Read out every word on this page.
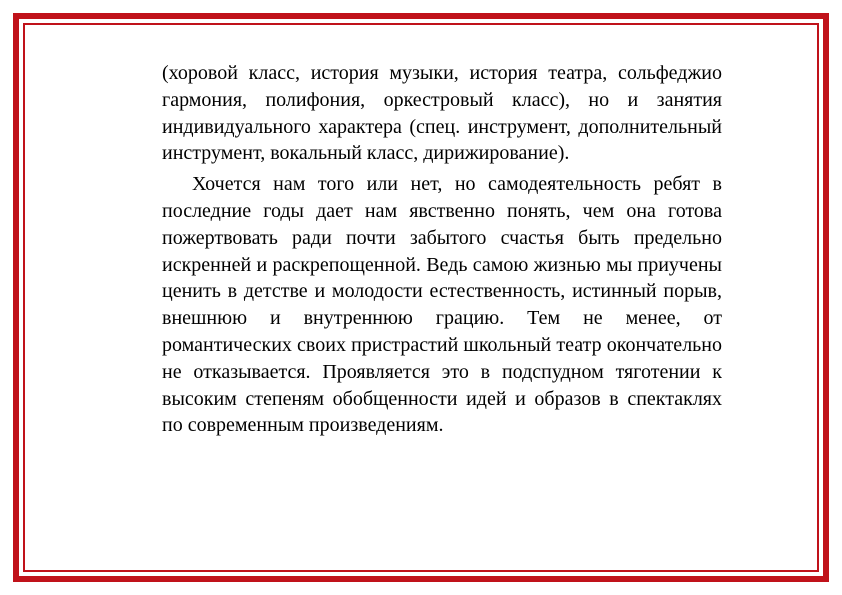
(хоровой класс, история музыки, история театра, сольфеджио гармония, полифония, оркестровый класс), но и занятия индивидуального характера (спец. инструмент, дополнительный инструмент, вокальный класс, дирижирование).

Хочется нам того или нет, но самодеятельность ребят в последние годы дает нам явственно понять, чем она готова пожертвовать ради почти забытого счастья быть предельно искренней и раскрепощенной. Ведь самою жизнью мы приучены ценить в детстве и молодости естественность, истинный порыв, внешнюю и внутреннюю грацию. Тем не менее, от романтических своих пристрастий школьный театр окончательно не отказывается. Проявляется это в подспудном тяготении к высоким степеням обобщенности идей и образов в спектаклях по современным произведениям.
